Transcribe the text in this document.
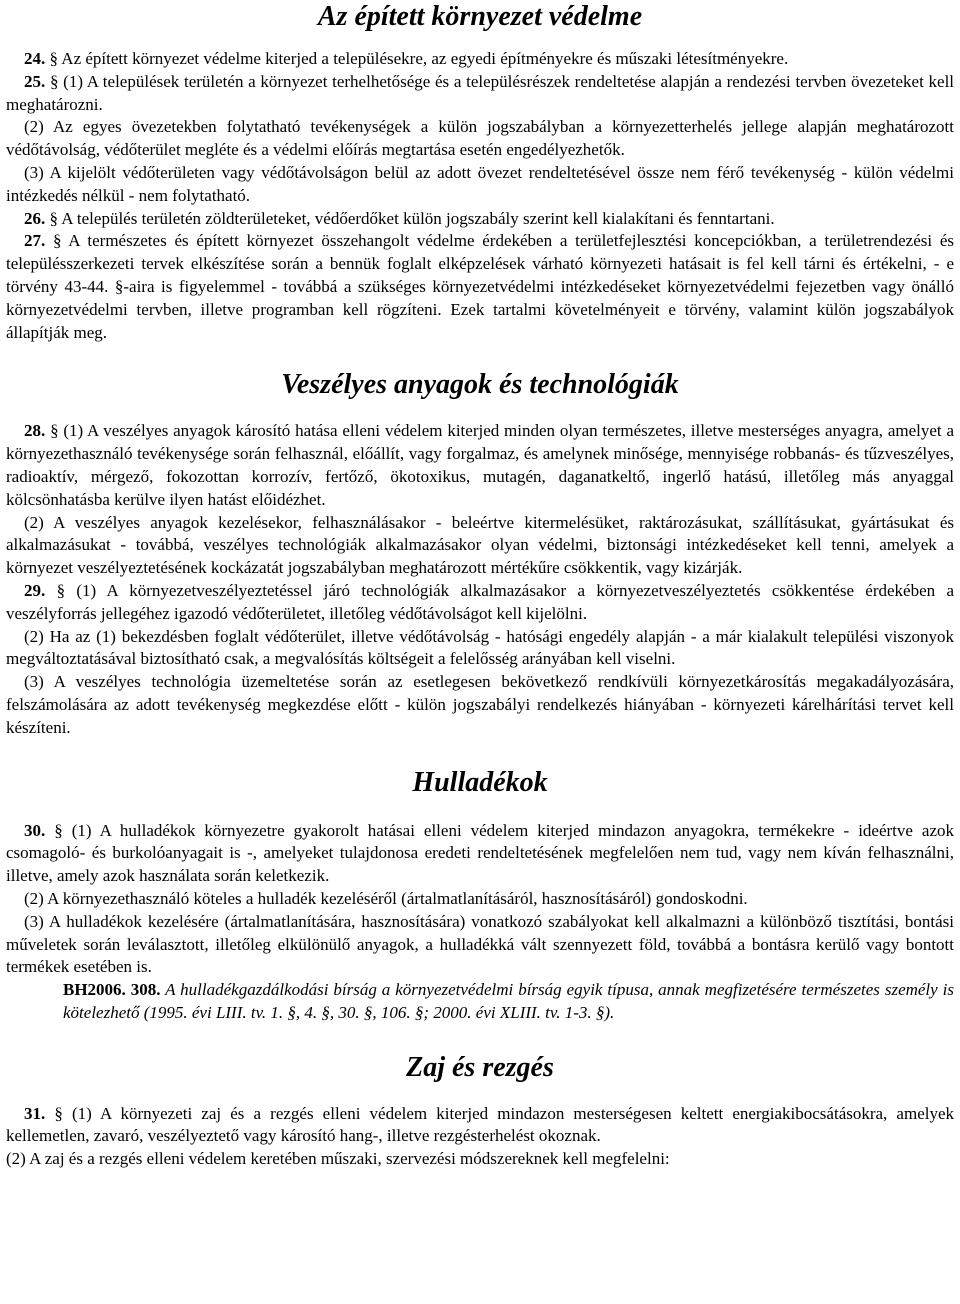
Az épített környezet védelme

24. § Az épített környezet védelme kiterjed a településekre, az egyedi építményekre és műszaki létesítményekre.

25. § (1) A települések területén a környezet terhelhetősége és a településrészek rendeltetése alapján a rendezési tervben övezeteket kell meghatározni.

(2) Az egyes övezetekben folytatható tevékenységek a külön jogszabályban a környezetterhelés jellege alapján meghatározott védőtávolság, védőterület megléte és a védelmi előírás megtartása esetén engedélyezhetők.

(3) A kijelölt védőterületen vagy védőtávolságon belül az adott övezet rendeltetésével össze nem férő tevékenység - külön védelmi intézkedés nélkül - nem folytatható.

26. § A település területén zöldterületeket, védőerdőket külön jogszabály szerint kell kialakítani és fenntartani.

27. § A természetes és épített környezet összehangolt védelme érdekében a területfejlesztési koncepciókban, a területrendezési és településszerkezeti tervek elkészítése során a bennük foglalt elképzelések várható környezeti hatásait is fel kell tárni és értékelni, - e törvény 43-44. §-aira is figyelemmel - továbbá a szükséges környezetvédelmi intézkedéseket környezetvédelmi fejezetben vagy önálló környezetvédelmi tervben, illetve programban kell rögzíteni. Ezek tartalmi követelményeit e törvény, valamint külön jogszabályok állapítják meg.

Veszélyes anyagok és technológiák

28. § (1) A veszélyes anyagok károsító hatása elleni védelem kiterjed minden olyan természetes, illetve mesterséges anyagra, amelyet a környezethasználó tevékenysége során felhasznál, előállít, vagy forgalmaz, és amelynek minősége, mennyisége robbanás- és tűzveszélyes, radioaktív, mérgező, fokozottan korrozív, fertőző, ökotoxikus, mutagén, daganatkeltő, ingerlő hatású, illetőleg más anyaggal kölcsönhatásba kerülve ilyen hatást előidézhet.

(2) A veszélyes anyagok kezelésekor, felhasználásakor - beleértve kitermelésüket, raktározásukat, szállításukat, gyártásukat és alkalmazásukat - továbbá, veszélyes technológiák alkalmazásakor olyan védelmi, biztonsági intézkedéseket kell tenni, amelyek a környezet veszélyeztetésének kockázatát jogszabályban meghatározott mértékűre csökkentik, vagy kizárják.

29. § (1) A környezetveszélyeztetéssel járó technológiák alkalmazásakor a környezetveszélyeztetés csökkentése érdekében a veszélyforrás jellegéhez igazodó védőterületet, illetőleg védőtávolságot kell kijelölni.

(2) Ha az (1) bekezdésben foglalt védőterület, illetve védőtávolság - hatósági engedély alapján - a már kialakult települési viszonyok megváltoztatásával biztosítható csak, a megvalósítás költségeit a felelősség arányában kell viselni.

(3) A veszélyes technológia üzemeltetése során az esetlegesen bekövetkező rendkívüli környezetkárosítás megakadályozására, felszámolására az adott tevékenység megkezdése előtt - külön jogszabályi rendelkezés hiányában - környezeti kárelhárítási tervet kell készíteni.

Hulladékok

30. § (1) A hulladékok környezetre gyakorolt hatásai elleni védelem kiterjed mindazon anyagokra, termékekre - ideértve azok csomagoló- és burkolóanyagait is -, amelyeket tulajdonosa eredeti rendeltetésének megfelelően nem tud, vagy nem kíván felhasználni, illetve, amely azok használata során keletkezik.

(2) A környezethasználó köteles a hulladék kezeléséről (ártalmatlanításáról, hasznosításáról) gondoskodni.

(3) A hulladékok kezelésére (ártalmatlanítására, hasznosítására) vonatkozó szabályokat kell alkalmazni a különböző tisztítási, bontási műveletek során leválasztott, illetőleg elkülönülő anyagok, a hulladékká vált szennyezett föld, továbbá a bontásra kerülő vagy bontott termékek esetében is.

BH2006. 308. A hulladékgazdálkodási bírság a környezetvédelmi bírság egyik típusa, annak megfizetésére természetes személy is kötelezhető (1995. évi LIII. tv. 1. §, 4. §, 30. §, 106. §; 2000. évi XLIII. tv. 1-3. §).

Zaj és rezgés

31. § (1) A környezeti zaj és a rezgés elleni védelem kiterjed mindazon mesterségesen keltett energiakibocsátásokra, amelyek kellemetlen, zavaró, veszélyeztető vagy károsító hang-, illetve rezgésterhelést okoznak.

(2) A zaj és a rezgés elleni védelem keretében műszaki, szervezési módszereknek kell megfelelni:
